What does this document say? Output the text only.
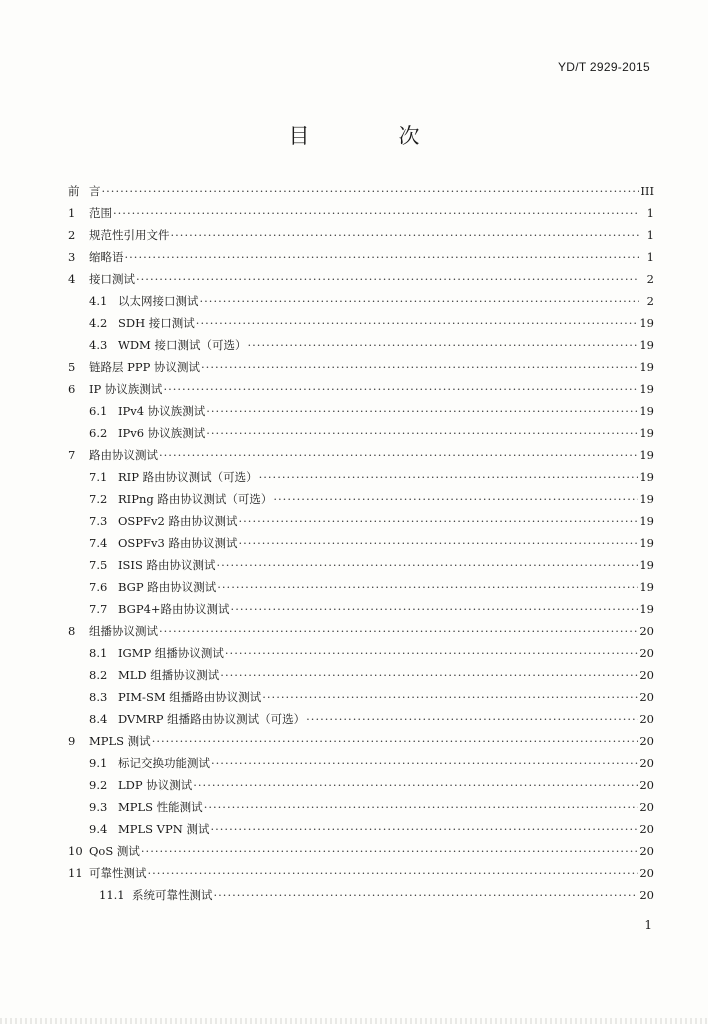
YD/T 2929-2015
目　次
前 言 ·····	III
1	范围 ·····	1
2	规范性引用文件 ·····	1
3	缩略语 ·····	1
4	接口测试 ·····	2
4.1 以太网接口测试 ·····	2
4.2 SDH 接口测试 ·····	19
4.3 WDM 接口测试（可选） ·····	19
5	链路层 PPP 协议测试 ·····	19
6	IP 协议族测试 ·····	19
6.1 IPv4 协议族测试 ·····	19
6.2 IPv6 协议族测试 ·····	19
7	路由协议测试 ·····	19
7.1 RIP 路由协议测试（可选） ·····	19
7.2 RIPng 路由协议测试（可选） ·····	19
7.3 OSPFv2 路由协议测试 ·····	19
7.4 OSPFv3 路由协议测试 ·····	19
7.5 ISIS 路由协议测试 ·····	19
7.6 BGP 路由协议测试 ·····	19
7.7 BGP4+路由协议测试 ·····	19
8	组播协议测试 ·····	20
8.1 IGMP 组播协议测试 ·····	20
8.2 MLD 组播协议测试 ·····	20
8.3 PIM-SM 组播路由协议测试 ·····	20
8.4 DVMRP 组播路由协议测试（可选） ·····	20
9	MPLS 测试 ·····	20
9.1 标记交换功能测试 ·····	20
9.2 LDP 协议测试 ·····	20
9.3 MPLS 性能测试 ·····	20
9.4 MPLS VPN 测试 ·····	20
10 QoS 测试 ·····	20
11 可靠性测试 ·····	20
11.1 系统可靠性测试 ·····	20
1
